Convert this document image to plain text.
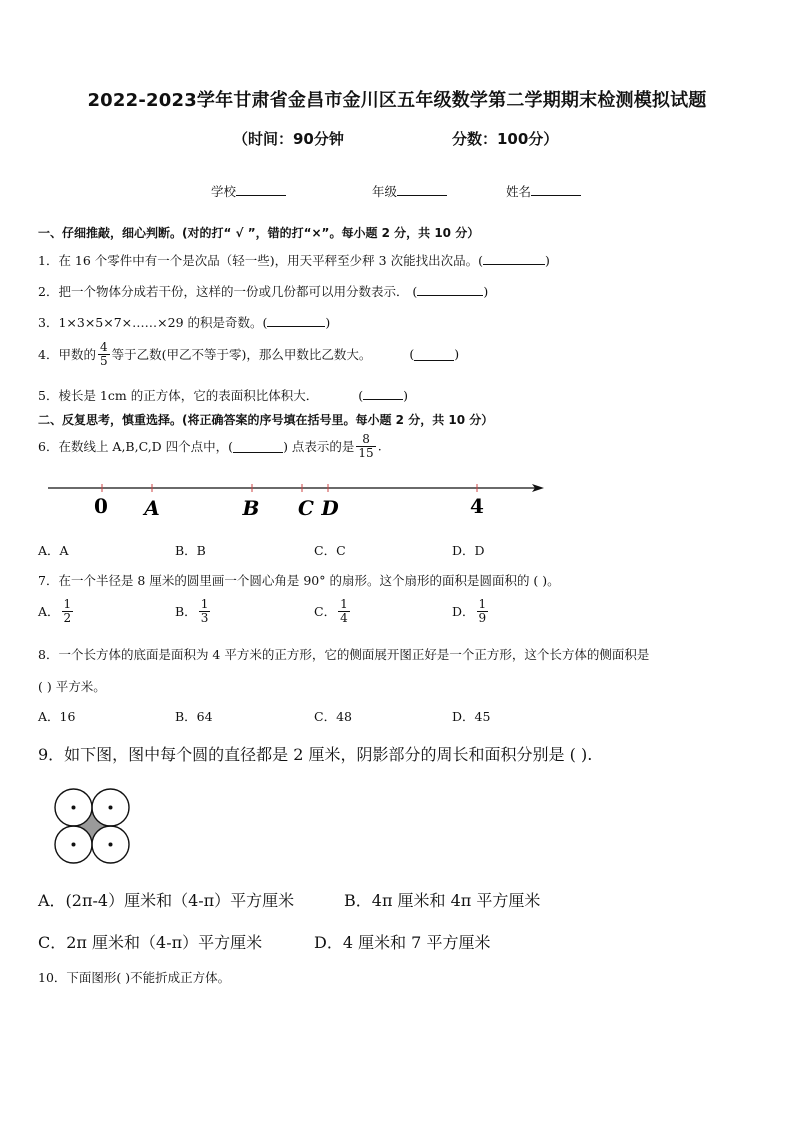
2022-2023学年甘肃省金昌市金川区五年级数学第二学期期末检测模拟试题
（时间：90分钟	分数：100分）
学校	年级	姓名
一、仔细推敲，细心判断。(对的打“ √ ”，错的打“×”。每小题 2 分，共 10 分）
1．在 16 个零件中有一个是次品（轻一些)，用天平秤至少秤 3 次能找出次品。(	)
2．把一个物体分成若干份，这样的一份或几份都可以用分数表示． (	)
3．1×3×5×7×……×29 的积是奇数。(	)
4．甲数的 $\frac{4}{5}$ 等于乙数(甲乙不等于零)，那么甲数比乙数大。	(	)
5．棱长是 1cm 的正方体，它的表面积比体积大．	(	)
二、反复思考，慎重选择。(将正确答案的序号填在括号里。每小题 2 分，共 10 分）
6．在数线上 A,B,C,D 四个点中，(	) 点表示的是 $\frac{8}{15}$ .
0 A	B C D	4
A．A	B．B	C．C	D．D
7．在一个半径是 8 厘米的圆里画一个圆心角是 90° 的扇形。这个扇形的面积是圆面积的 ( )。
A． $\frac{1}{2}$	B． $\frac{1}{3}$	C． $\frac{1}{4}$	D． $\frac{1}{9}$
8．一个长方体的底面是面积为 4 平方米的正方形，它的侧面展开图正好是一个正方形，这个长方体的侧面积是
( ) 平方米。
A．16	B．64	C．48	D．45
9．如下图，图中每个圆的直径都是 2 厘米，阴影部分的周长和面积分别是 ( ).
A．(2π-4）厘米和（4-π）平方厘米	B．4π 厘米和 4π 平方厘米
C．2π 厘米和（4-π）平方厘米	D．4 厘米和 7 平方厘米
10．下面图形( )不能折成正方体。
